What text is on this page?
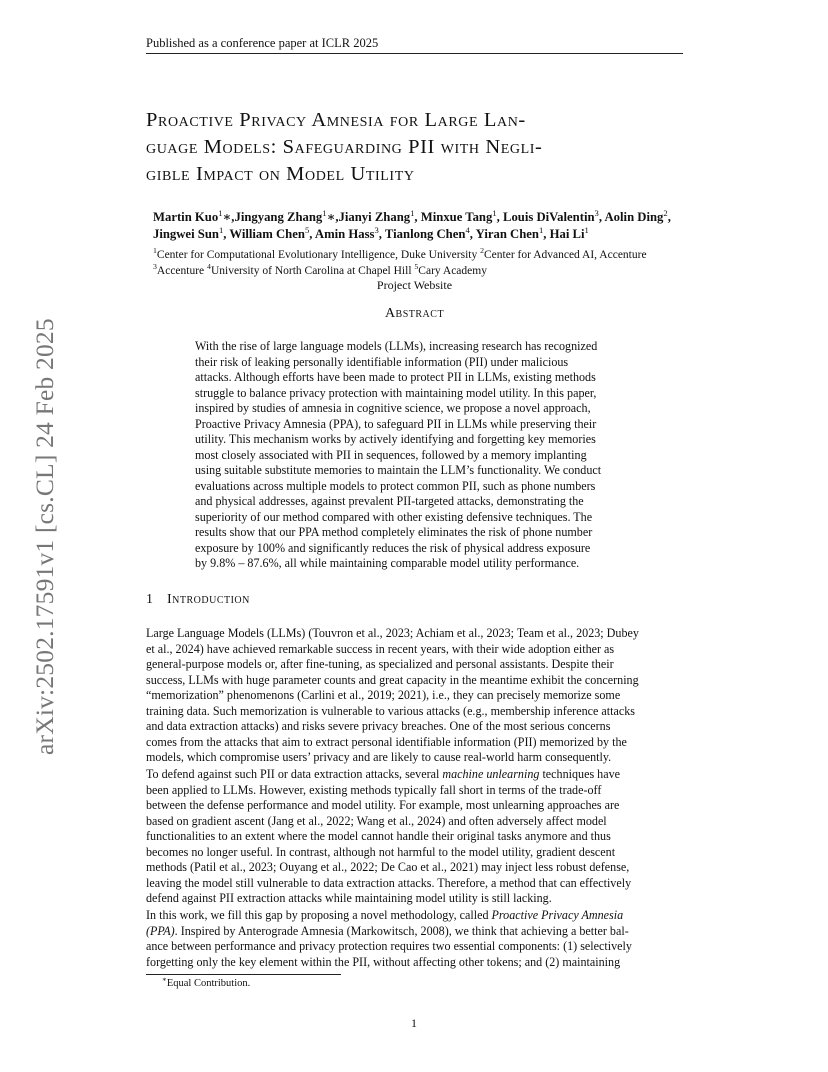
Published as a conference paper at ICLR 2025
arXiv:2502.17591v1 [cs.CL] 24 Feb 2025
Proactive Privacy Amnesia for Large Lan-
guage Models: Safeguarding PII with Negli-
gible Impact on Model Utility
Martin Kuo$^1$∗,Jingyang Zhang$^1$∗,Jianyi Zhang$^1$, Minxue Tang$^1$, Louis DiValentin$^3$, Aolin Ding$^2$,
Jingwei Sun$^1$, William Chen$^5$, Amin Hass$^3$, Tianlong Chen$^4$, Yiran Chen$^1$, Hai Li$^1$
$^1$Center for Computational Evolutionary Intelligence, Duke University $^2$Center for Advanced AI, Accenture
$^3$Accenture $^4$University of North Carolina at Chapel Hill $^5$Cary Academy
Project Website
Abstract
With the rise of large language models (LLMs), increasing research has recognized
their risk of leaking personally identifiable information (PII) under malicious
attacks. Although efforts have been made to protect PII in LLMs, existing methods
struggle to balance privacy protection with maintaining model utility. In this paper,
inspired by studies of amnesia in cognitive science, we propose a novel approach,
Proactive Privacy Amnesia (PPA), to safeguard PII in LLMs while preserving their
utility. This mechanism works by actively identifying and forgetting key memories
most closely associated with PII in sequences, followed by a memory implanting
using suitable substitute memories to maintain the LLM’s functionality. We conduct
evaluations across multiple models to protect common PII, such as phone numbers
and physical addresses, against prevalent PII-targeted attacks, demonstrating the
superiority of our method compared with other existing defensive techniques. The
results show that our PPA method completely eliminates the risk of phone number
exposure by 100% and significantly reduces the risk of physical address exposure
by 9.8% – 87.6%, all while maintaining comparable model utility performance.
1 Introduction
Large Language Models (LLMs) (Touvron et al., 2023; Achiam et al., 2023; Team et al., 2023; Dubey
et al., 2024) have achieved remarkable success in recent years, with their wide adoption either as
general-purpose models or, after fine-tuning, as specialized and personal assistants. Despite their
success, LLMs with huge parameter counts and great capacity in the meantime exhibit the concerning
“memorization” phenomenons (Carlini et al., 2019; 2021), i.e., they can precisely memorize some
training data. Such memorization is vulnerable to various attacks (e.g., membership inference attacks
and data extraction attacks) and risks severe privacy breaches. One of the most serious concerns
comes from the attacks that aim to extract personal identifiable information (PII) memorized by the
models, which compromise users’ privacy and are likely to cause real-world harm consequently.
To defend against such PII or data extraction attacks, several machine unlearning techniques have
been applied to LLMs. However, existing methods typically fall short in terms of the trade-off
between the defense performance and model utility. For example, most unlearning approaches are
based on gradient ascent (Jang et al., 2022; Wang et al., 2024) and often adversely affect model
functionalities to an extent where the model cannot handle their original tasks anymore and thus
becomes no longer useful. In contrast, although not harmful to the model utility, gradient descent
methods (Patil et al., 2023; Ouyang et al., 2022; De Cao et al., 2021) may inject less robust defense,
leaving the model still vulnerable to data extraction attacks. Therefore, a method that can effectively
defend against PII extraction attacks while maintaining model utility is still lacking.
In this work, we fill this gap by proposing a novel methodology, called Proactive Privacy Amnesia
(PPA). Inspired by Anterograde Amnesia (Markowitsch, 2008), we think that achieving a better bal-
ance between performance and privacy protection requires two essential components: (1) selectively
forgetting only the key element within the PII, without affecting other tokens; and (2) maintaining
∗Equal Contribution.
1
